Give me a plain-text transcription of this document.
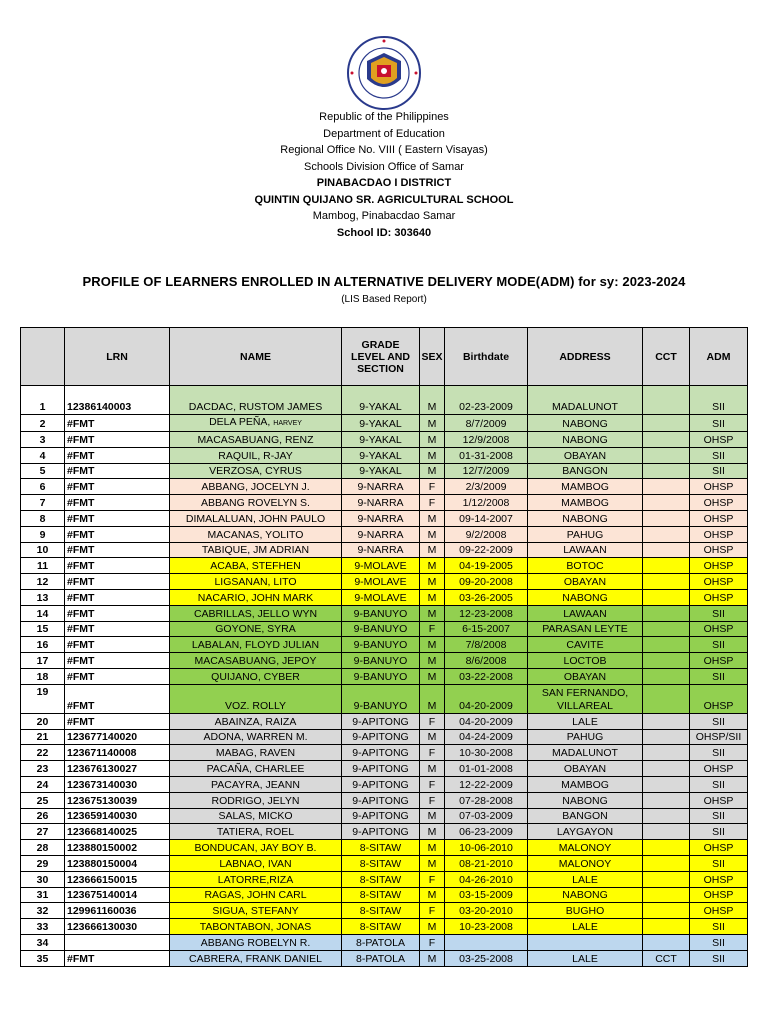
Republic of the Philippines
Department of Education
Regional Office No. VIII ( Eastern Visayas)
Schools Division Office of Samar
PINABACDAO I DISTRICT
QUINTIN QUIJANO SR. AGRICULTURAL SCHOOL
Mambog, Pinabacdao Samar
School ID: 303640
PROFILE OF LEARNERS ENROLLED IN ALTERNATIVE DELIVERY MODE(ADM) for sy: 2023-2024
(LIS Based Report)
	LRN	NAME	GRADE LEVEL AND SECTION	SEX	Birthdate	ADDRESS	CCT	ADM
1	12386140003	DACDAC, RUSTOM JAMES	9-YAKAL	M	02-23-2009	MADALUNOT		SII
2	#FMT	DELA PEÑA, HARVEY	9-YAKAL	M	8/7/2009	NABONG		SII
3	#FMT	MACASABUANG, RENZ	9-YAKAL	M	12/9/2008	NABONG		OHSP
4	#FMT	RAQUIL, R-JAY	9-YAKAL	M	01-31-2008	OBAYAN		SII
5	#FMT	VERZOSA, CYRUS	9-YAKAL	M	12/7/2009	BANGON		SII
6	#FMT	ABBANG, JOCELYN J.	9-NARRA	F	2/3/2009	MAMBOG		OHSP
7	#FMT	ABBANG ROVELYN S.	9-NARRA	F	1/12/2008	MAMBOG		OHSP
8	#FMT	DIMALALUAN, JOHN PAULO	9-NARRA	M	09-14-2007	NABONG		OHSP
9	#FMT	MACANAS, YOLITO	9-NARRA	M	9/2/2008	PAHUG		OHSP
10	#FMT	TABIQUE, JM ADRIAN	9-NARRA	M	09-22-2009	LAWAAN		OHSP
11	#FMT	ACABA, STEFHEN	9-MOLAVE	M	04-19-2005	BOTOC		OHSP
12	#FMT	LIGSANAN, LITO	9-MOLAVE	M	09-20-2008	OBAYAN		OHSP
13	#FMT	NACARIO, JOHN MARK	9-MOLAVE	M	03-26-2005	NABONG		OHSP
14	#FMT	CABRILLAS, JELLO WYN	9-BANUYO	M	12-23-2008	LAWAAN		SII
15	#FMT	GOYONE, SYRA	9-BANUYO	F	6-15-2007	PARASAN LEYTE		OHSP
16	#FMT	LABALAN, FLOYD JULIAN	9-BANUYO	M	7/8/2008	CAVITE		SII
17	#FMT	MACASABUANG, JEPOY	9-BANUYO	M	8/6/2008	LOCTOB		OHSP
18	#FMT	QUIJANO, CYBER	9-BANUYO	M	03-22-2008	OBAYAN		SII
19	#FMT	VOZ. ROLLY	9-BANUYO	M	04-20-2009	SAN FERNANDO, VILLAREAL		OHSP
20	#FMT	ABAINZA, RAIZA	9-APITONG	F	04-20-2009	LALE		SII
21	123677140020	ADONA, WARREN M.	9-APITONG	M	04-24-2009	PAHUG		OHSP/SII
22	123671140008	MABAG, RAVEN	9-APITONG	F	10-30-2008	MADALUNOT		SII
23	123676130027	PACAÑA, CHARLEE	9-APITONG	M	01-01-2008	OBAYAN		OHSP
24	123673140030	PACAYRA, JEANN	9-APITONG	F	12-22-2009	MAMBOG		SII
25	123675130039	RODRIGO, JELYN	9-APITONG	F	07-28-2008	NABONG		OHSP
26	123659140030	SALAS, MICKO	9-APITONG	M	07-03-2009	BANGON		SII
27	123668140025	TATIERA, ROEL	9-APITONG	M	06-23-2009	LAYGAYON		SII
28	123880150002	BONDUCAN, JAY BOY B.	8-SITAW	M	10-06-2010	MALONOY		OHSP
29	123880150004	LABNAO, IVAN	8-SITAW	M	08-21-2010	MALONOY		SII
30	123666150015	LATORRE,RIZA	8-SITAW	F	04-26-2010	LALE		OHSP
31	123675140014	RAGAS, JOHN CARL	8-SITAW	M	03-15-2009	NABONG		OHSP
32	129961160036	SIGUA, STEFANY	8-SITAW	F	03-20-2010	BUGHO		OHSP
33	123666130030	TABONTABON, JONAS	8-SITAW	M	10-23-2008	LALE		SII
34		ABBANG ROBELYN R.	8-PATOLA	F				SII
35	#FMT	CABRERA, FRANK DANIEL	8-PATOLA	M	03-25-2008	LALE	CCT	SII
